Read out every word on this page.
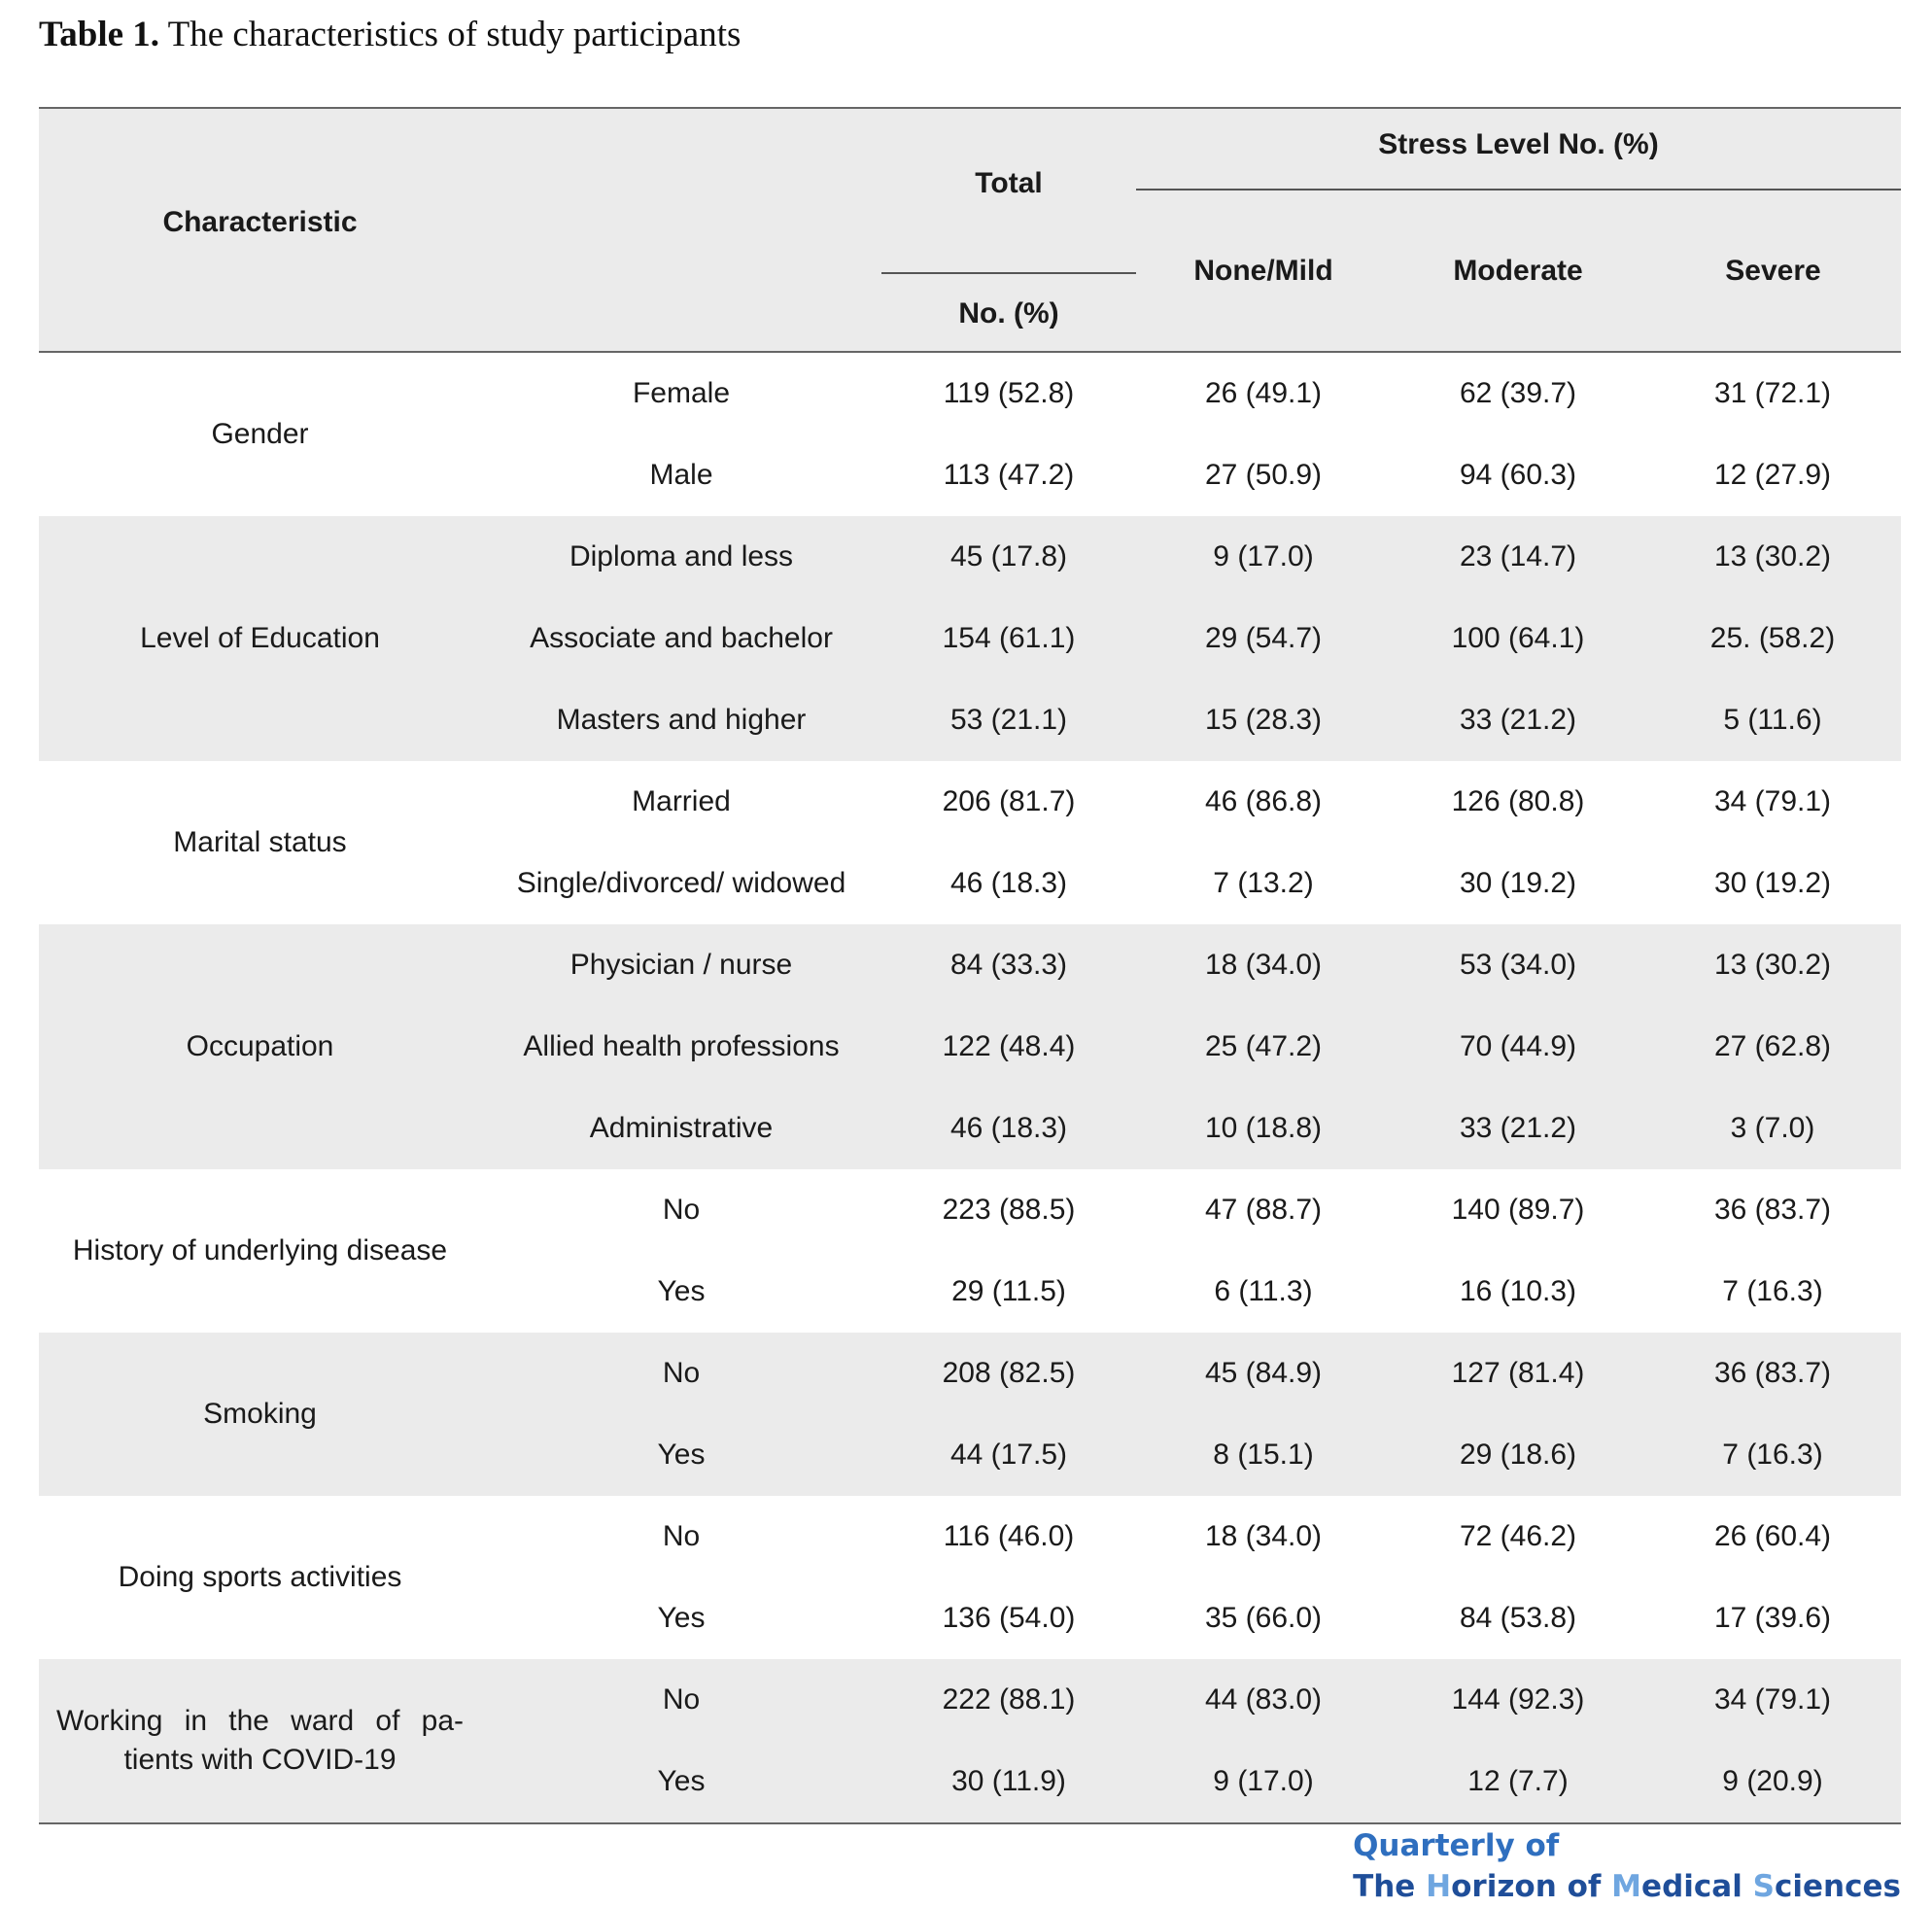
Table 1. The characteristics of study participants
Characteristic
Total
No. (%)
Stress Level No. (%)
None/Mild	Moderate	Severe
Gender
Female	119 (52.8)	26 (49.1)	62 (39.7)	31 (72.1)
Male	113 (47.2)	27 (50.9)	94 (60.3)	12 (27.9)
Level of Education
Diploma and less	45 (17.8)	9 (17.0)	23 (14.7)	13 (30.2)
Associate and bachelor	154 (61.1)	29 (54.7)	100 (64.1)	25. (58.2)
Masters and higher	53 (21.1)	15 (28.3)	33 (21.2)	5 (11.6)
Marital status
Married	206 (81.7)	46 (86.8)	126 (80.8)	34 (79.1)
Single/divorced/ widowed	46 (18.3)	7 (13.2)	30 (19.2)	30 (19.2)
Occupation
Physician / nurse	84 (33.3)	18 (34.0)	53 (34.0)	13 (30.2)
Allied health professions	122 (48.4)	25 (47.2)	70 (44.9)	27 (62.8)
Administrative	46 (18.3)	10 (18.8)	33 (21.2)	3 (7.0)
History of underlying disease
No	223 (88.5)	47 (88.7)	140 (89.7)	36 (83.7)
Yes	29 (11.5)	6 (11.3)	16 (10.3)	7 (16.3)
Smoking
No	208 (82.5)	45 (84.9)	127 (81.4)	36 (83.7)
Yes	44 (17.5)	8 (15.1)	29 (18.6)	7 (16.3)
Doing sports activities
No	116 (46.0)	18 (34.0)	72 (46.2)	26 (60.4)
Yes	136 (54.0)	35 (66.0)	84 (53.8)	17 (39.6)
Working in the ward of pa- tients with COVID-19
No	222 (88.1)	44 (83.0)	144 (92.3)	34 (79.1)
Yes	30 (11.9)	9 (17.0)	12 (7.7)	9 (20.9)
Quarterly of
The Horizon of Medical Sciences
